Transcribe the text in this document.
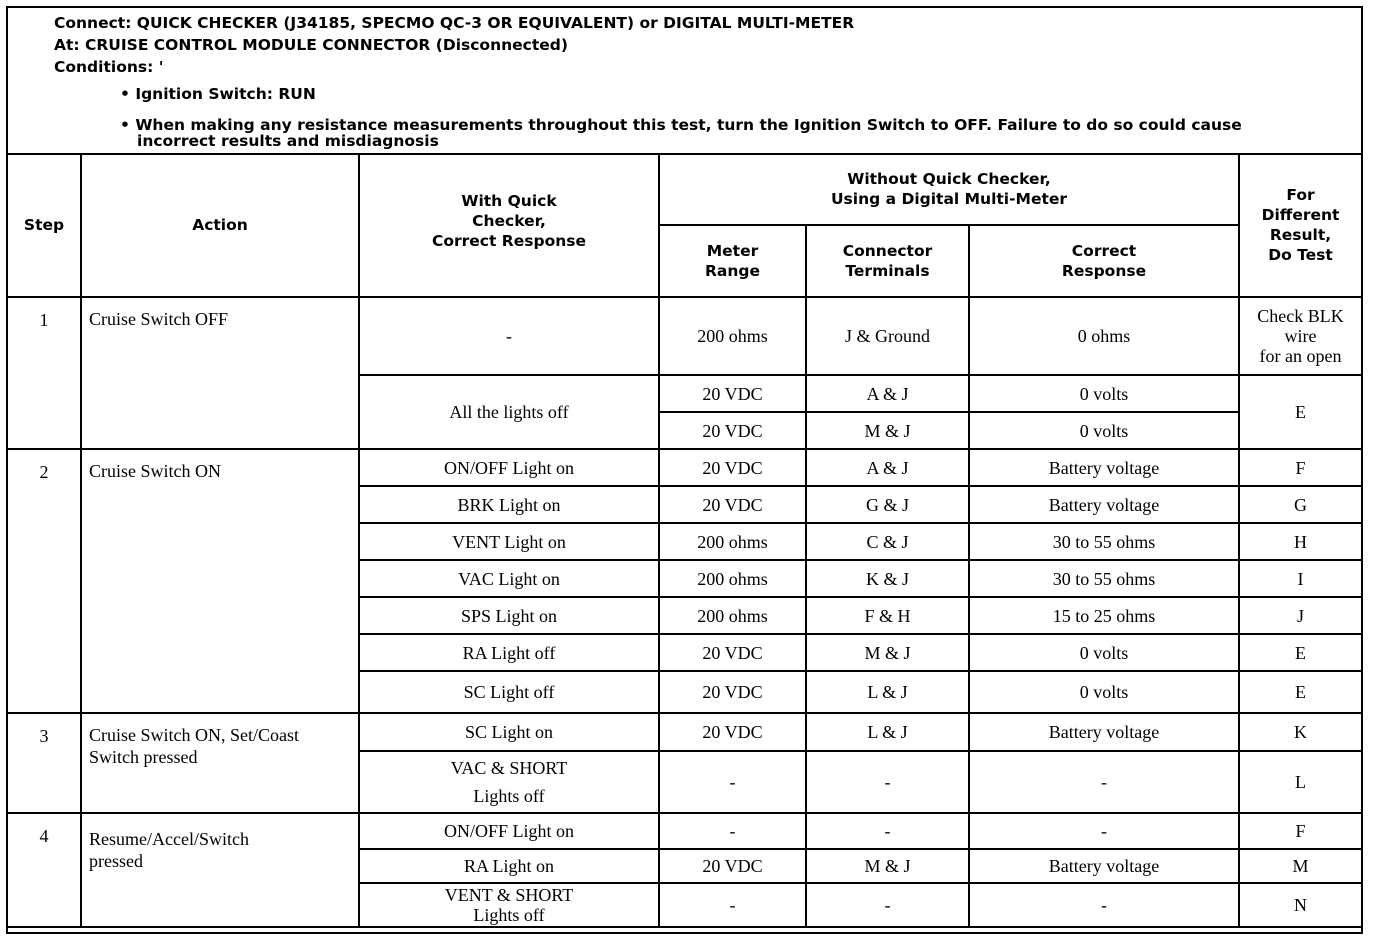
Connect: QUICK CHECKER (J34185, SPECMO QC-3 OR EQUIVALENT) or DIGITAL MULTI-METER
At: CRUISE CONTROL MODULE CONNECTOR (Disconnected)
Conditions: '
• Ignition Switch: RUN
• When making any resistance measurements throughout this test, turn the Ignition Switch to OFF. Failure to do so could cause
incorrect results and misdiagnosis
Step	Action	With Quick
Checker,
Correct Response	Without Quick Checker,
Using a Digital Multi-Meter			For
Different
Result,
Do Test
			Meter
Range	Connector
Terminals	Correct
Response	
1	Cruise Switch OFF	-	200 ohms	J & Ground	0 ohms	Check BLK
wire
for an open
		All the lights off	20 VDC	A & J	0 volts	E
			20 VDC	M & J	0 volts	
2	Cruise Switch ON	ON/OFF Light on	20 VDC	A & J	Battery voltage	F
		BRK Light on	20 VDC	G & J	Battery voltage	G
		VENT Light on	200 ohms	C & J	30 to 55 ohms	H
		VAC Light on	200 ohms	K & J	30 to 55 ohms	I
		SPS Light on	200 ohms	F & H	15 to 25 ohms	J
		RA Light off	20 VDC	M & J	0 volts	E
		SC Light off	20 VDC	L & J	0 volts	E
3	Cruise Switch ON, Set/Coast
Switch pressed	SC Light on	20 VDC	L & J	Battery voltage	K
		VAC & SHORT
Lights off	-	-	-	L
4	Resume/Accel/Switch
pressed	ON/OFF Light on	-	-	-	F
		RA Light on	20 VDC	M & J	Battery voltage	M
		VENT & SHORT
Lights off	-	-	-	N
